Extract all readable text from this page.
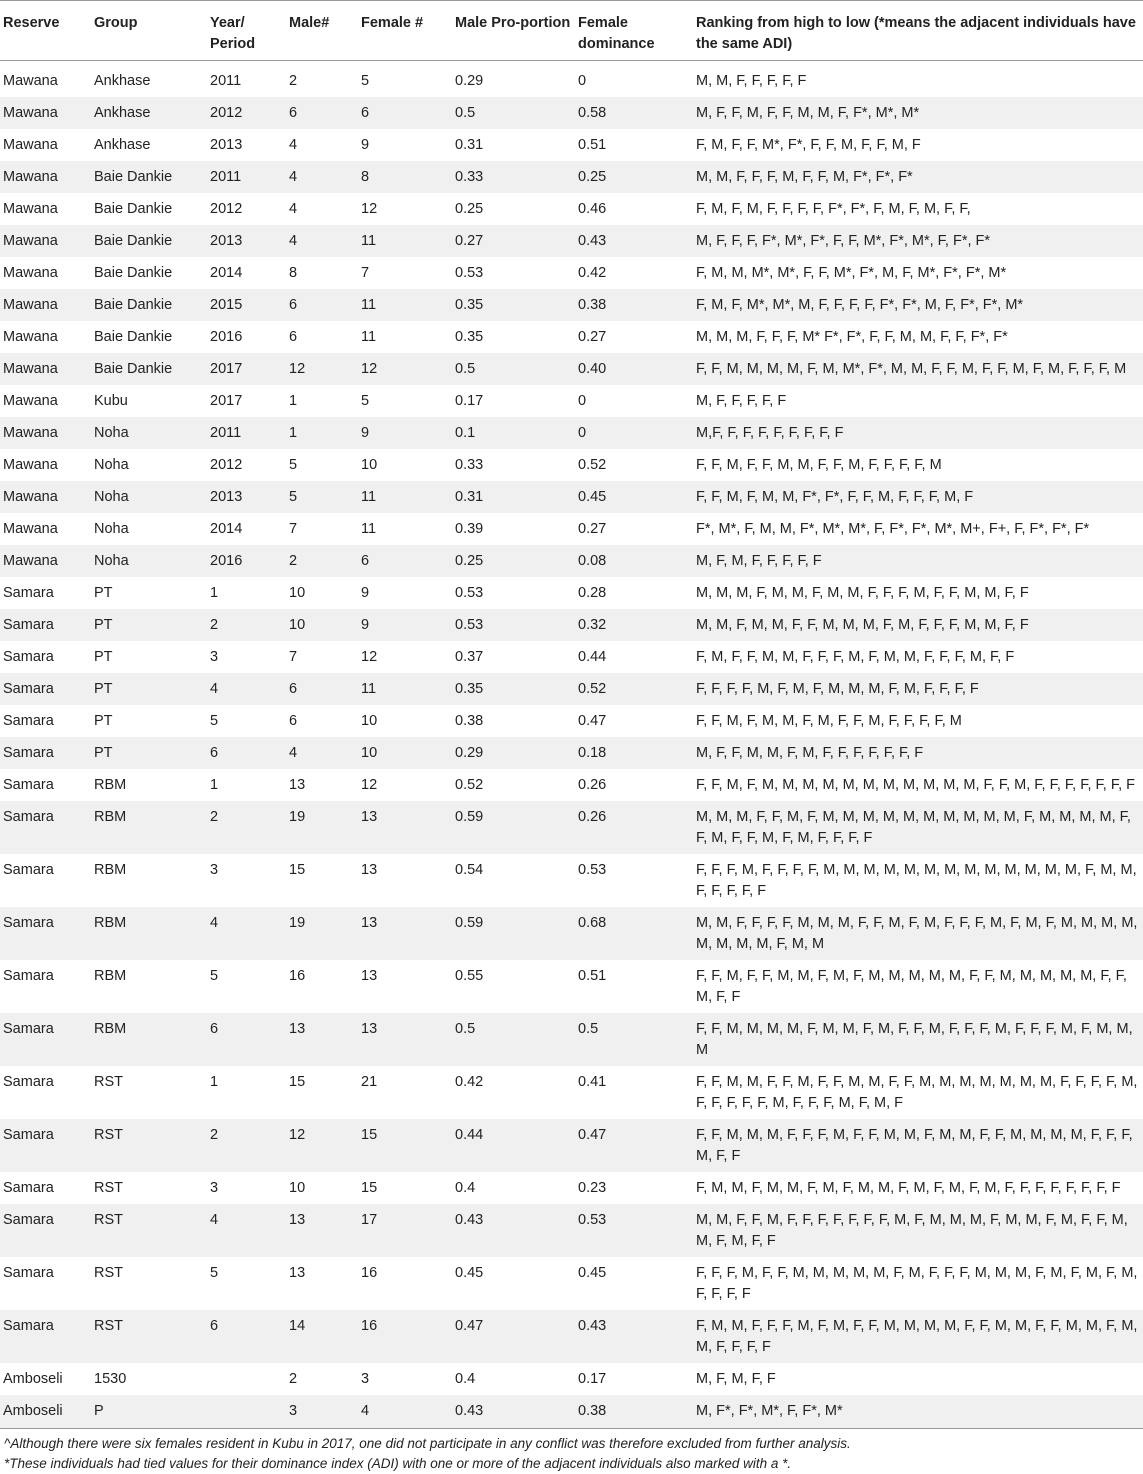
Reserve	Group	Year/ Period	Male#	Female #	Male Pro-portion	Female dominance	Ranking from high to low (*means the adjacent individuals have the same ADI)
Mawana	Ankhase	2011	2	5	0.29	0	M, M, F, F, F, F, F
Mawana	Ankhase	2012	6	6	0.5	0.58	M, F, F, M, F, F, M, M, F, F*, M*, M*
Mawana	Ankhase	2013	4	9	0.31	0.51	F, M, F, F, M*, F*, F, F, M, F, F, M, F
Mawana	Baie Dankie	2011	4	8	0.33	0.25	M, M, F, F, F, M, F, F, M, F*, F*, F*
Mawana	Baie Dankie	2012	4	12	0.25	0.46	F, M, F, M, F, F, F, F, F*, F*, F, M, F, M, F, F,
Mawana	Baie Dankie	2013	4	11	0.27	0.43	M, F, F, F, F*, M*, F*, F, F, M*, F*, M*, F, F*, F*
Mawana	Baie Dankie	2014	8	7	0.53	0.42	F, M, M, M*, M*, F, F, M*, F*, M, F, M*, F*, F*, M*
Mawana	Baie Dankie	2015	6	11	0.35	0.38	F, M, F, M*, M*, M, F, F, F, F, F*, F*, M, F, F*, F*, M*
Mawana	Baie Dankie	2016	6	11	0.35	0.27	M, M, M, F, F, F, M* F*, F*, F, F, M, M, F, F, F*, F*
Mawana	Baie Dankie	2017	12	12	0.5	0.40	F, F, M, M, M, M, F, M, M*, F*, M, M, F, F, M, F, F, M, F, M, F, F, F, M
Mawana	Kubu	2017	1	5	0.17	0	M, F, F, F, F, F
Mawana	Noha	2011	1	9	0.1	0	M,F, F, F, F, F, F, F, F, F
Mawana	Noha	2012	5	10	0.33	0.52	F, F, M, F, F, M, M, F, F, M, F, F, F, F, M
Mawana	Noha	2013	5	11	0.31	0.45	F, F, M, F, M, M, F*, F*, F, F, M, F, F, F, M, F
Mawana	Noha	2014	7	11	0.39	0.27	F*, M*, F, M, M, F*, M*, M*, F, F*, F*, M*, M+, F+, F, F*, F*, F*
Mawana	Noha	2016	2	6	0.25	0.08	M, F, M, F, F, F, F, F
Samara	PT	1	10	9	0.53	0.28	M, M, M, F, M, M, F, M, M, F, F, F, M, F, F, M, M, F, F
Samara	PT	2	10	9	0.53	0.32	M, M, F, M, M, F, F, M, M, M, F, M, F, F, F, M, M, F, F
Samara	PT	3	7	12	0.37	0.44	F, M, F, F, M, M, F, F, F, M, F, M, M, F, F, F, M, F, F
Samara	PT	4	6	11	0.35	0.52	F, F, F, F, M, F, M, F, M, M, M, F, M, F, F, F, F
Samara	PT	5	6	10	0.38	0.47	F, F, M, F, M, M, F, M, F, F, M, F, F, F, F, M
Samara	PT	6	4	10	0.29	0.18	M, F, F, M, M, F, M, F, F, F, F, F, F, F
Samara	RBM	1	13	12	0.52	0.26	F, F, M, F, M, M, M, M, M, M, M, M, M, M, M, F, F, M, F, F, F, F, F, F, F
Samara	RBM	2	19	13	0.59	0.26	M, M, M, F, F, M, F, M, M, M, M, M, M, M, M, M, M, F, M, M, M, M, F, F, M, F, F, M, F, M, F, F, F, F
Samara	RBM	3	15	13	0.54	0.53	F, F, F, M, F, F, F, F, M, M, M, M, M, M, M, M, M, M, M, M, M, F, M, M, F, F, F, F, F
Samara	RBM	4	19	13	0.59	0.68	M, M, F, F, F, F, M, M, M, F, F, M, F, M, F, F, F, M, F, M, F, M, M, M, M, M, M, M, M, F, M, M
Samara	RBM	5	16	13	0.55	0.51	F, F, M, F, F, M, M, F, M, F, M, M, M, M, M, F, F, M, M, M, M, M, F, F, M, F, F
Samara	RBM	6	13	13	0.5	0.5	F, F, M, M, M, M, F, M, M, F, M, F, F, M, F, F, F, M, F, F, F, M, F, M, M, M
Samara	RST	1	15	21	0.42	0.41	F, F, M, M, F, F, M, F, F, M, M, F, F, M, M, M, M, M, M, M, F, F, F, F, M, F, F, F, F, F, M, F, F, F, M, F, M, F
Samara	RST	2	12	15	0.44	0.47	F, F, M, M, M, F, F, F, M, F, F, M, M, F, M, M, F, F, M, M, M, M, F, F, F, M, F, F
Samara	RST	3	10	15	0.4	0.23	F, M, M, F, M, M, F, M, F, M, M, F, M, F, M, F, M, F, F, F, F, F, F, F, F
Samara	RST	4	13	17	0.43	0.53	M, M, F, F, M, F, F, F, F, F, F, F, M, F, M, M, M, F, M, M, F, M, F, F, M, M, F, M, F, F
Samara	RST	5	13	16	0.45	0.45	F, F, F, M, F, F, M, M, M, M, M, F, M, F, F, F, M, M, M, F, M, F, M, F, M, F, F, F, F
Samara	RST	6	14	16	0.47	0.43	F, M, M, F, F, F, M, F, M, F, F, M, M, M, M, F, F, M, M, F, F, M, M, F, M, M, F, F, F, F
Amboseli	1530		2	3	0.4	0.17	M, F, M, F, F
Amboseli	P		3	4	0.43	0.38	M, F*, F*, M*, F, F*, M*
^Although there were six females resident in Kubu in 2017, one did not participate in any conflict was therefore excluded from further analysis.
*These individuals had tied values for their dominance index (ADI) with one or more of the adjacent individuals also marked with a *.
